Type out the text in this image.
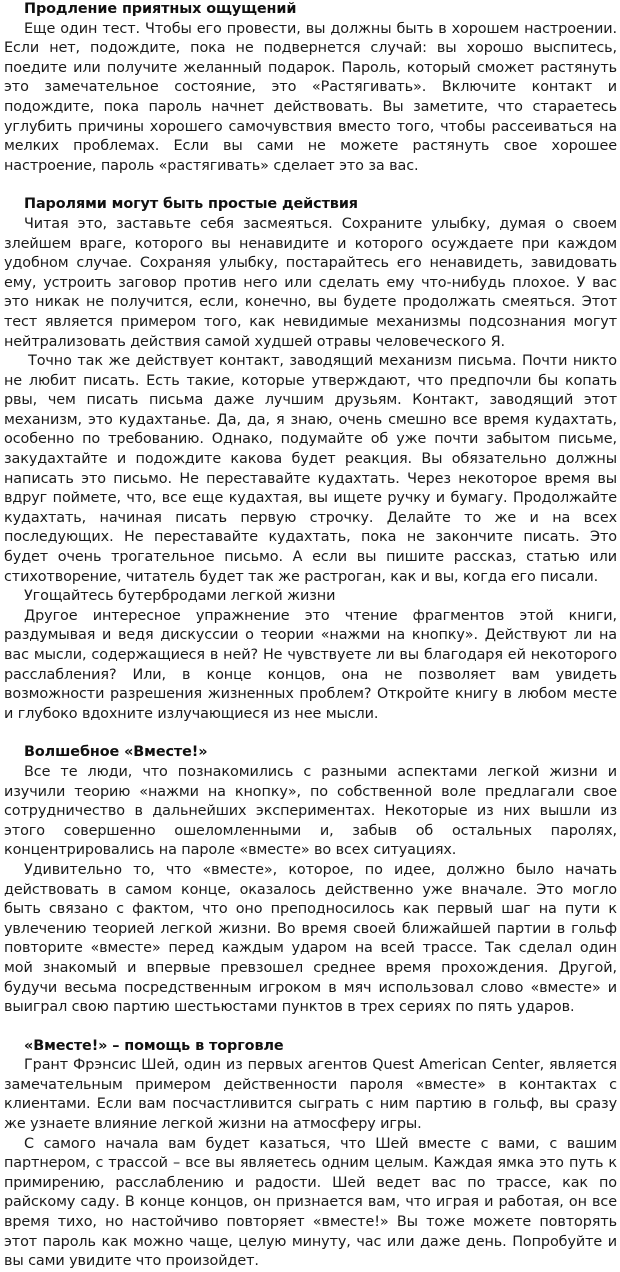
Продление приятных ощущений

Еще один тест. Чтобы его провести, вы должны быть в хорошем настроении. Если нет, подождите, пока не подвернется случай: вы хорошо выспитесь, поедите или получите желанный подарок. Пароль, который сможет растянуть это замечательное состояние, это «Растягивать». Включите контакт и подождите, пока пароль начнет действовать. Вы заметите, что стараетесь углубить причины хорошего самочувствия вместо того, чтобы рассеиваться на мелких проблемах. Если вы сами не можете растянуть свое хорошее настроение, пароль «растягивать» сделает это за вас.

Паролями могут быть простые действия

Читая это, заставьте себя засмеяться. Сохраните улыбку, думая о своем злейшем враге, которого вы ненавидите и которого осуждаете при каждом удобном случае. Сохраняя улыбку, постарайтесь его ненавидеть, завидовать ему, устроить заговор против него или сделать ему что-нибудь плохое. У вас это никак не получится, если, конечно, вы будете продолжать смеяться. Этот тест является примером того, как невидимые механизмы подсознания могут нейтрализовать действия самой худшей отравы человеческого Я.

Точно так же действует контакт, заводящий механизм письма. Почти никто не любит писать. Есть такие, которые утверждают, что предпочли бы копать рвы, чем писать письма даже лучшим друзьям. Контакт, заводящий этот механизм, это кудахтанье. Да, да, я знаю, очень смешно все время кудахтать, особенно по требованию. Однако, подумайте об уже почти забытом письме, закудахтайте и подождите какова будет реакция. Вы обязательно должны написать это письмо. Не переставайте кудахтать. Через некоторое время вы вдруг поймете, что, все еще кудахтая, вы ищете ручку и бумагу. Продолжайте кудахтать, начиная писать первую строчку. Делайте то же и на всех последующих. Не переставайте кудахтать, пока не закончите писать. Это будет очень трогательное письмо. А если вы пишите рассказ, статью или стихотворение, читатель будет так же растроган, как и вы, когда его писали.

Угощайтесь бутербродами легкой жизни

Другое интересное упражнение это чтение фрагментов этой книги, раздумывая и ведя дискуссии о теории «нажми на кнопку». Действуют ли на вас мысли, содержащиеся в ней? Не чувствуете ли вы благодаря ей некоторого расслабления? Или, в конце концов, она не позволяет вам увидеть возможности разрешения жизненных проблем? Откройте книгу в любом месте и глубоко вдохните излучающиеся из нее мысли.

Волшебное «Вместе!»

Все те люди, что познакомились с разными аспектами легкой жизни и изучили теорию «нажми на кнопку», по собственной воле предлагали свое сотрудничество в дальнейших экспериментах. Некоторые из них вышли из этого совершенно ошеломленными и, забыв об остальных паролях, концентрировались на пароле «вместе» во всех ситуациях.

Удивительно то, что «вместе», которое, по идее, должно было начать действовать в самом конце, оказалось действенно уже вначале. Это могло быть связано с фактом, что оно преподносилось как первый шаг на пути к увлечению теорией легкой жизни. Во время своей ближайшей партии в гольф повторите «вместе» перед каждым ударом на всей трассе. Так сделал один мой знакомый и впервые превзошел среднее время прохождения. Другой, будучи весьма посредственным игроком в мяч использовал слово «вместе» и выиграл свою партию шестьюстами пунктов в трех сериях по пять ударов.

«Вместе!» – помощь в торговле

Грант Фрэнсис Шей, один из первых агентов Quest American Center, является замечательным примером действенности пароля «вместе» в контактах с клиентами. Если вам посчастливится сыграть с ним партию в гольф, вы сразу же узнаете влияние легкой жизни на атмосферу игры.

С самого начала вам будет казаться, что Шей вместе с вами, с вашим партнером, с трассой – все вы являетесь одним целым. Каждая ямка это путь к примирению, расслаблению и радости. Шей ведет вас по трассе, как по райскому саду. В конце концов, он признается вам, что играя и работая, он все время тихо, но настойчиво повторяет «вместе!» Вы тоже можете повторять этот пароль как можно чаще, целую минуту, час или даже день. Попробуйте и вы сами увидите что произойдет.
